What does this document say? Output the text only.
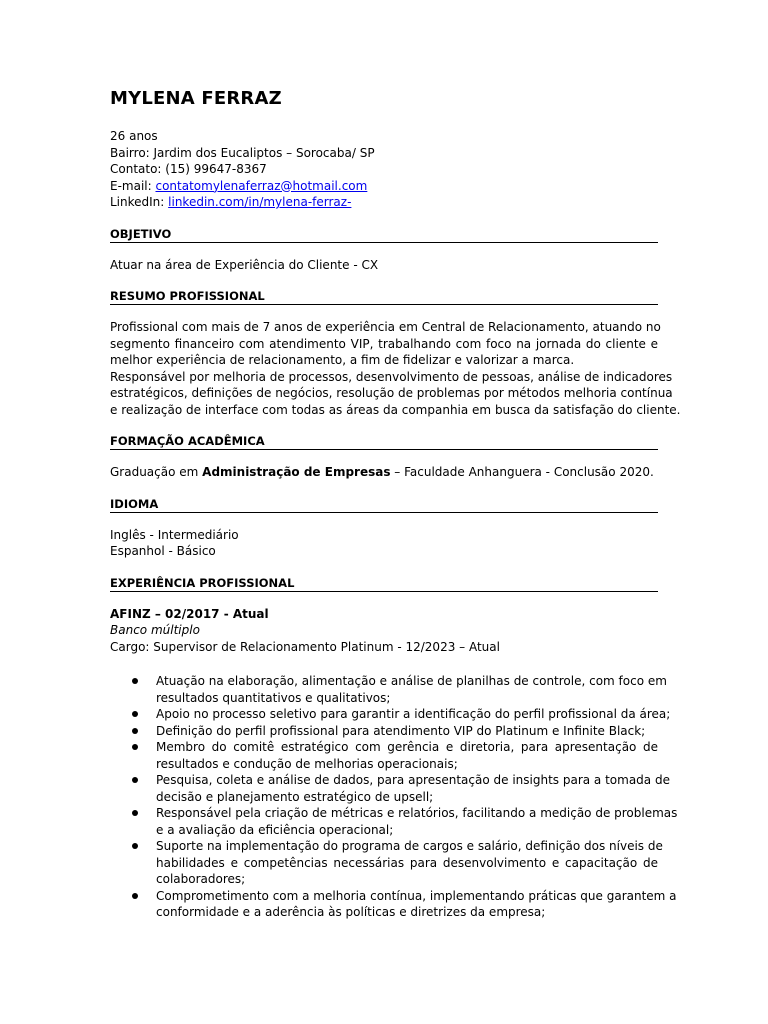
MYLENA FERRAZ
26 anos
Bairro: Jardim dos Eucaliptos – Sorocaba/ SP
Contato: (15) 99647-8367
E-mail: contatomylenaferraz@hotmail.com
LinkedIn: linkedin.com/in/mylena-ferraz-
OBJETIVO
Atuar na área de Experiência do Cliente - CX
RESUMO PROFISSIONAL
Profissional com mais de 7 anos de experiência em Central de Relacionamento, atuando no
segmento financeiro com atendimento VIP, trabalhando com foco na jornada do cliente e
melhor experiência de relacionamento, a fim de fidelizar e valorizar a marca.
Responsável por melhoria de processos, desenvolvimento de pessoas, análise de indicadores
estratégicos, definições de negócios, resolução de problemas por métodos melhoria contínua
e realização de interface com todas as áreas da companhia em busca da satisfação do cliente.
FORMAÇÃO ACADÊMICA
Graduação em Administração de Empresas – Faculdade Anhanguera - Conclusão 2020.
IDIOMA
Inglês - Intermediário
Espanhol - Básico
EXPERIÊNCIA PROFISSIONAL
AFINZ – 02/2017 - Atual
Banco múltiplo
Cargo: Supervisor de Relacionamento Platinum - 12/2023 – Atual
Atuação na elaboração, alimentação e análise de planilhas de controle, com foco em
resultados quantitativos e qualitativos;
Apoio no processo seletivo para garantir a identificação do perfil profissional da área;
Definição do perfil profissional para atendimento VIP do Platinum e Infinite Black;
Membro do comitê estratégico com gerência e diretoria, para apresentação de
resultados e condução de melhorias operacionais;
Pesquisa, coleta e análise de dados, para apresentação de insights para a tomada de
decisão e planejamento estratégico de upsell;
Responsável pela criação de métricas e relatórios, facilitando a medição de problemas
e a avaliação da eficiência operacional;
Suporte na implementação do programa de cargos e salário, definição dos níveis de
habilidades e competências necessárias para desenvolvimento e capacitação de
colaboradores;
Comprometimento com a melhoria contínua, implementando práticas que garantem a
conformidade e a aderência às políticas e diretrizes da empresa;
